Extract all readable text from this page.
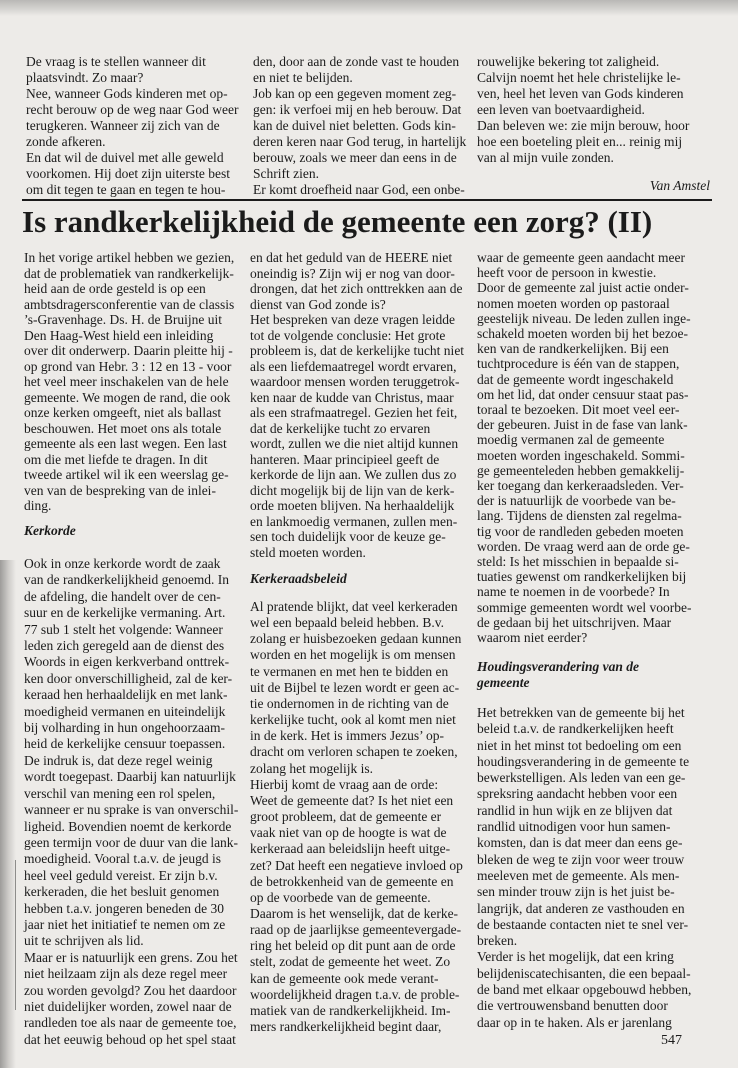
De vraag is te stellen wanneer dit
plaatsvindt. Zo maar?
Nee, wanneer Gods kinderen met op-
recht berouw op de weg naar God weer
terugkeren. Wanneer zij zich van de
zonde afkeren.
En dat wil de duivel met alle geweld
voorkomen. Hij doet zijn uiterste best
om dit tegen te gaan en tegen te hou-

den, door aan de zonde vast te houden
en niet te belijden.
Job kan op een gegeven moment zeg-
gen: ik verfoei mij en heb berouw. Dat
kan de duivel niet beletten. Gods kin-
deren keren naar God terug, in hartelijk
berouw, zoals we meer dan eens in de
Schrift zien.
Er komt droefheid naar God, een onbe-

rouwelijke bekering tot zaligheid.
Calvijn noemt het hele christelijke le-
ven, heel het leven van Gods kinderen
een leven van boetvaardigheid.
Dan beleven we: zie mijn berouw, hoor
hoe een boeteling pleit en... reinig mij
van al mijn vuile zonden.

Van Amstel
Is randkerkelijkheid de gemeente een zorg? (II)

In het vorige artikel hebben we gezien,
dat de problematiek van randkerkelijk-
heid aan de orde gesteld is op een
ambtsdragersconferentie van de classis
’s-Gravenhage. Ds. H. de Bruijne uit
Den Haag-West hield een inleiding
over dit onderwerp. Daarin pleitte hij -
op grond van Hebr. 3 : 12 en 13 - voor
het veel meer inschakelen van de hele
gemeente. We mogen de rand, die ook
onze kerken omgeeft, niet als ballast
beschouwen. Het moet ons als totale
gemeente als een last wegen. Een last
om die met liefde te dragen. In dit
tweede artikel wil ik een weerslag ge-
ven van de bespreking van de inlei-
ding.

Kerkorde

Ook in onze kerkorde wordt de zaak
van de randkerkelijkheid genoemd. In
de afdeling, die handelt over de cen-
suur en de kerkelijke vermaning. Art.
77 sub 1 stelt het volgende: Wanneer
leden zich geregeld aan de dienst des
Woords in eigen kerkverband onttrek-
ken door onverschilligheid, zal de ker-
keraad hen herhaaldelijk en met lank-
moedigheid vermanen en uiteindelijk
bij volharding in hun ongehoorzaam-
heid de kerkelijke censuur toepassen.
De indruk is, dat deze regel weinig
wordt toegepast. Daarbij kan natuurlijk
verschil van mening een rol spelen,
wanneer er nu sprake is van onverschil-
ligheid. Bovendien noemt de kerkorde
geen termijn voor de duur van die lank-
moedigheid. Vooral t.a.v. de jeugd is
heel veel geduld vereist. Er zijn b.v.
kerkeraden, die het besluit genomen
hebben t.a.v. jongeren beneden de 30
jaar niet het initiatief te nemen om ze
uit te schrijven als lid.
Maar er is natuurlijk een grens. Zou het
niet heilzaam zijn als deze regel meer
zou worden gevolgd? Zou het daardoor
niet duidelijker worden, zowel naar de
randleden toe als naar de gemeente toe,
dat het eeuwig behoud op het spel staat

en dat het geduld van de HEERE niet
oneindig is? Zijn wij er nog van door-
drongen, dat het zich onttrekken aan de
dienst van God zonde is?
Het bespreken van deze vragen leidde
tot de volgende conclusie: Het grote
probleem is, dat de kerkelijke tucht niet
als een liefdemaatregel wordt ervaren,
waardoor mensen worden teruggetrok-
ken naar de kudde van Christus, maar
als een strafmaatregel. Gezien het feit,
dat de kerkelijke tucht zo ervaren
wordt, zullen we die niet altijd kunnen
hanteren. Maar principieel geeft de
kerkorde de lijn aan. We zullen dus zo
dicht mogelijk bij de lijn van de kerk-
orde moeten blijven. Na herhaaldelijk
en lankmoedig vermanen, zullen men-
sen toch duidelijk voor de keuze ge-
steld moeten worden.

Kerkeraadsbeleid

Al pratende blijkt, dat veel kerkeraden
wel een bepaald beleid hebben. B.v.
zolang er huisbezoeken gedaan kunnen
worden en het mogelijk is om mensen
te vermanen en met hen te bidden en
uit de Bijbel te lezen wordt er geen ac-
tie ondernomen in de richting van de
kerkelijke tucht, ook al komt men niet
in de kerk. Het is immers Jezus’ op-
dracht om verloren schapen te zoeken,
zolang het mogelijk is.
Hierbij komt de vraag aan de orde:
Weet de gemeente dat? Is het niet een
groot probleem, dat de gemeente er
vaak niet van op de hoogte is wat de
kerkeraad aan beleidslijn heeft uitge-
zet? Dat heeft een negatieve invloed op
de betrokkenheid van de gemeente en
op de voorbede van de gemeente.
Daarom is het wenselijk, dat de kerke-
raad op de jaarlijkse gemeentevergade-
ring het beleid op dit punt aan de orde
stelt, zodat de gemeente het weet. Zo
kan de gemeente ook mede verant-
woordelijkheid dragen t.a.v. de proble-
matiek van de randkerkelijkheid. Im-
mers randkerkelijkheid begint daar,

waar de gemeente geen aandacht meer
heeft voor de persoon in kwestie.
Door de gemeente zal juist actie onder-
nomen moeten worden op pastoraal
geestelijk niveau. De leden zullen inge-
schakeld moeten worden bij het bezoe-
ken van de randkerkelijken. Bij een
tuchtprocedure is één van de stappen,
dat de gemeente wordt ingeschakeld
om het lid, dat onder censuur staat pas-
toraal te bezoeken. Dit moet veel eer-
der gebeuren. Juist in de fase van lank-
moedig vermanen zal de gemeente
moeten worden ingeschakeld. Sommi-
ge gemeenteleden hebben gemakkelij-
ker toegang dan kerkeraadsleden. Ver-
der is natuurlijk de voorbede van be-
lang. Tijdens de diensten zal regelma-
tig voor de randleden gebeden moeten
worden. De vraag werd aan de orde ge-
steld: Is het misschien in bepaalde si-
tuaties gewenst om randkerkelijken bij
name te noemen in de voorbede? In
sommige gemeenten wordt wel voorbe-
de gedaan bij het uitschrijven. Maar
waarom niet eerder?

Houdingsverandering van de
gemeente

Het betrekken van de gemeente bij het
beleid t.a.v. de randkerkelijken heeft
niet in het minst tot bedoeling om een
houdingsverandering in de gemeente te
bewerkstelligen. Als leden van een ge-
spreksring aandacht hebben voor een
randlid in hun wijk en ze blijven dat
randlid uitnodigen voor hun samen-
komsten, dan is dat meer dan eens ge-
bleken de weg te zijn voor weer trouw
meeleven met de gemeente. Als men-
sen minder trouw zijn is het juist be-
langrijk, dat anderen ze vasthouden en
de bestaande contacten niet te snel ver-
breken.
Verder is het mogelijk, dat een kring
belijdeniscatechisanten, die een bepaal-
de band met elkaar opgebouwd hebben,
die vertrouwensband benutten door
daar op in te haken. Als er jarenlang

547
